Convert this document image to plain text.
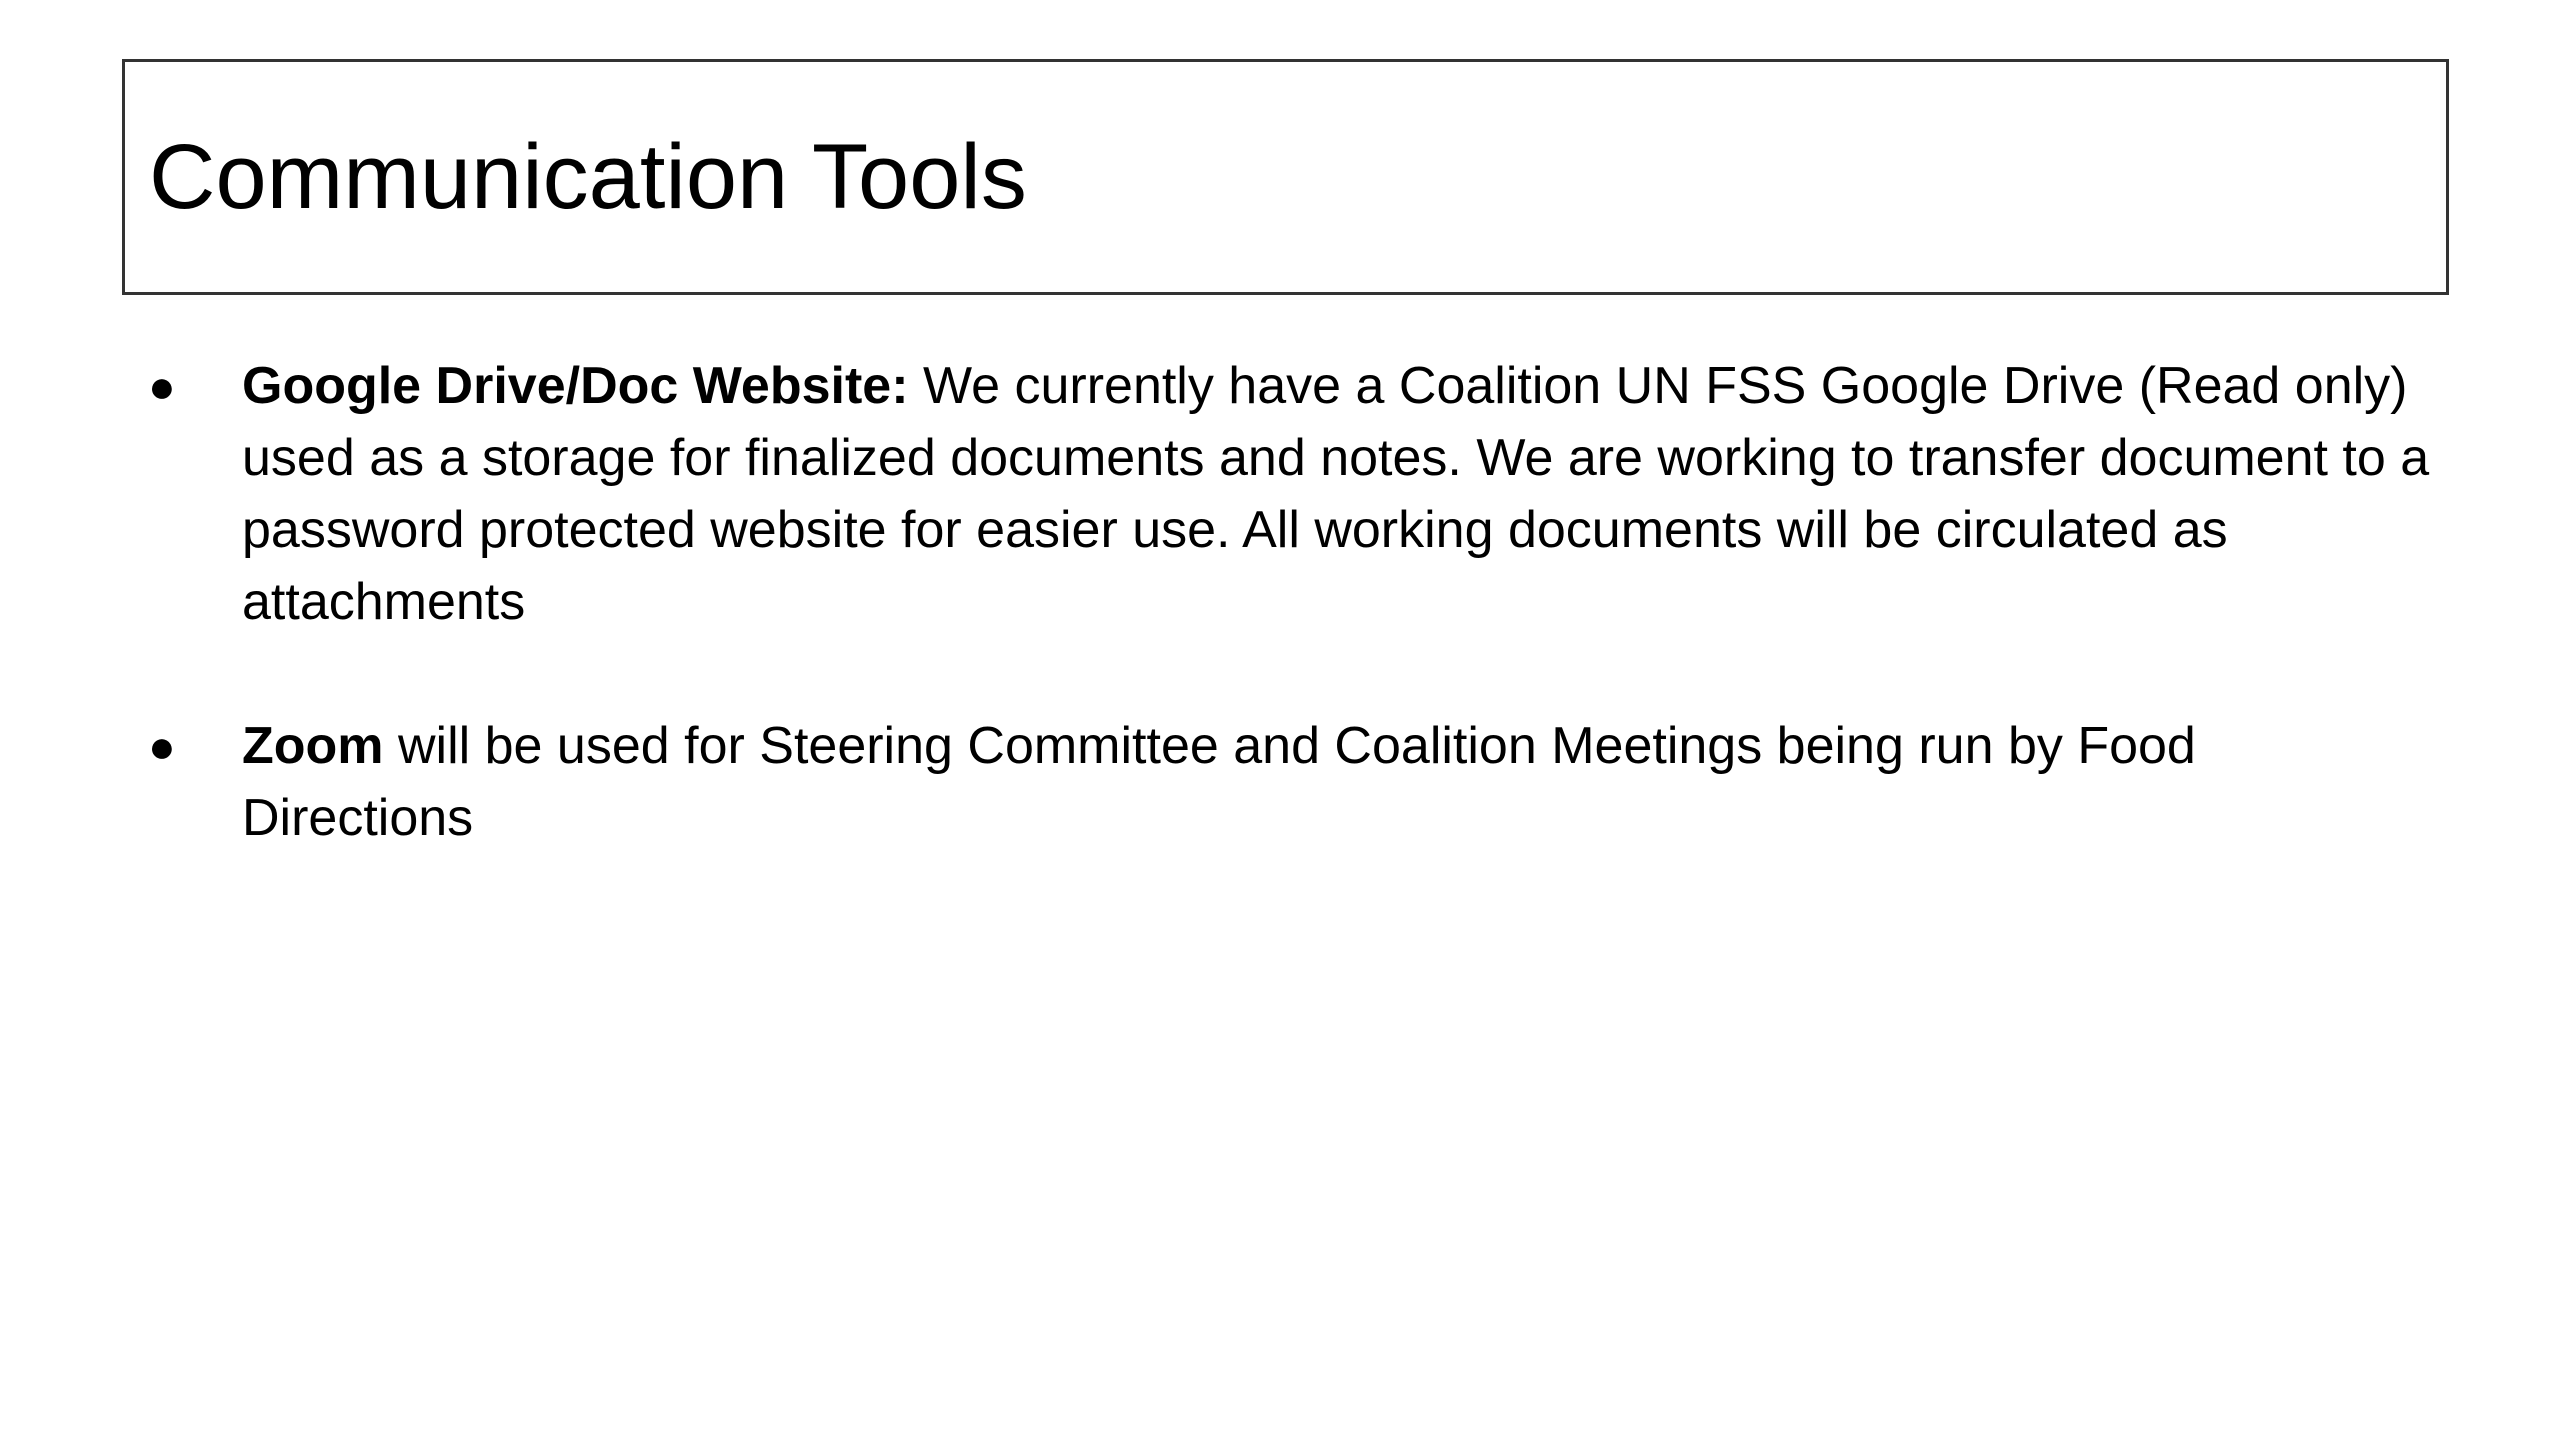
Communication Tools
●	Google Drive/Doc Website: We currently have a Coalition UN FSS Google Drive (Read only) used as a storage for finalized documents and notes. We are working to transfer document to a password protected website for easier use. All working documents will be circulated as attachments
●	Zoom will be used for Steering Committee and Coalition Meetings being run by Food Directions
